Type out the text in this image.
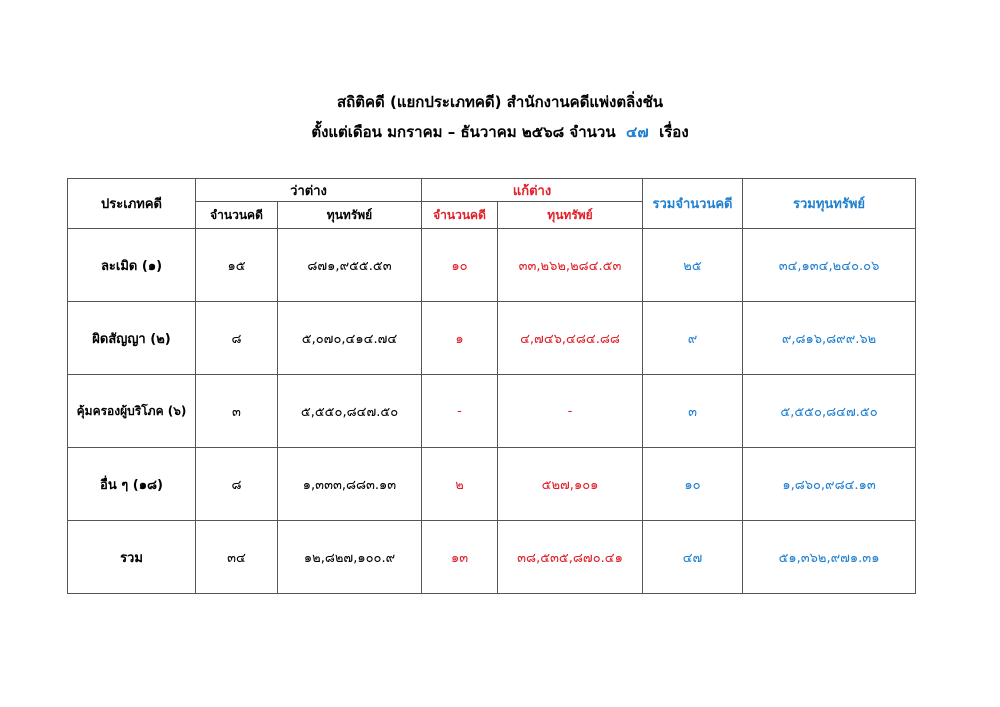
สถิติคดี (แยกประเภทคดี) สำนักงานคดีแพ่งตลิ่งชัน
ตั้งแต่เดือน มกราคม – ธันวาคม ๒๕๖๘ จำนวน ๔๗ เรื่อง
ประเภทคดี	ว่าต่าง		แก้ต่าง		รวมจำนวนคดี	รวมทุนทรัพย์
	จำนวนคดี	ทุนทรัพย์	จำนวนคดี	ทุนทรัพย์		
ละเมิด (๑)	๑๕	๘๗๑,๙๕๕.๕๓	๑๐	๓๓,๒๖๒,๒๘๔.๕๓	๒๕	๓๔,๑๓๔,๒๔๐.๐๖
ผิดสัญญา (๒)	๘	๕,๐๗๐,๔๑๔.๗๔	๑	๔,๗๔๖,๔๘๔.๘๘	๙	๙,๘๑๖,๘๙๙.๖๒
คุ้มครองผู้บริโภค (๖)	๓	๕,๕๕๐,๘๔๗.๕๐	-	-	๓	๕,๕๕๐,๘๔๗.๕๐
อื่น ๆ (๑๘)	๘	๑,๓๓๓,๘๘๓.๑๓	๒	๕๒๗,๑๐๑	๑๐	๑,๘๖๐,๙๘๔.๑๓
รวม	๓๔	๑๒,๘๒๗,๑๐๐.๙	๑๓	๓๘,๕๓๕,๘๗๐.๔๑	๔๗	๕๑,๓๖๒,๙๗๑.๓๑
